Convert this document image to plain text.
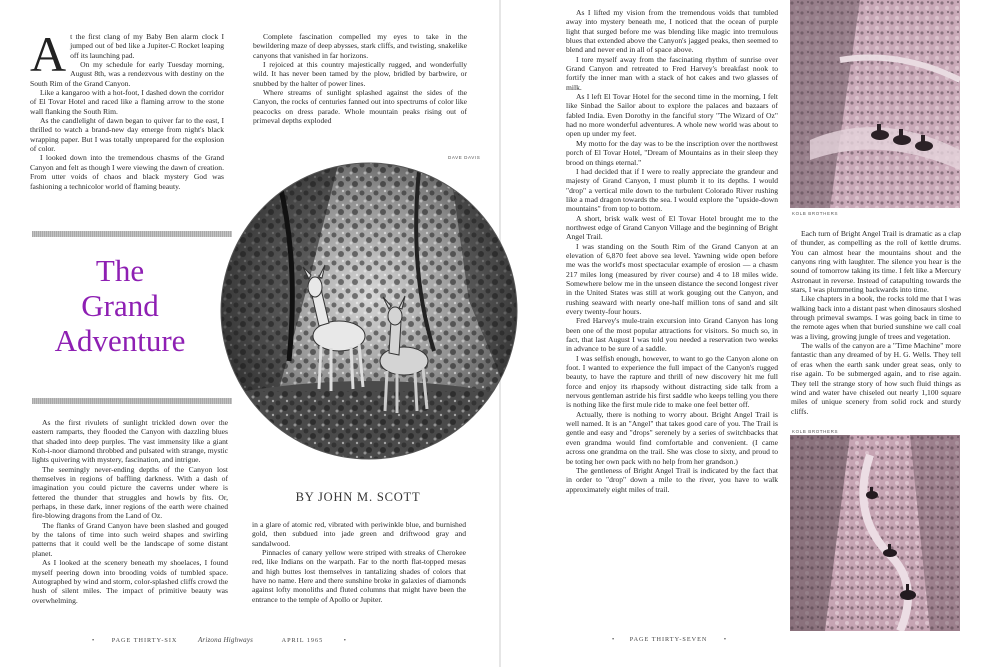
A t the first clang of my Baby Ben alarm clock I jumped out of bed like a Jupiter-C Rocket leaping off its launching pad.

On my schedule for early Tuesday morning, August 8th, was a rendezvous with destiny on the South Rim of the Grand Canyon.

Like a kangaroo with a hot-foot, I dashed down the corridor of El Tovar Hotel and raced like a flaming arrow to the stone wall flanking the South Rim.

As the candlelight of dawn began to quiver far to the east, I thrilled to watch a brand-new day emerge from night's black wrapping paper. But I was totally unprepared for the explosion of color.

I looked down into the tremendous chasms of the Grand Canyon and felt as though I were viewing the dawn of creation. From utter voids of chaos and black mystery God was fashioning a technicolor world of flaming beauty.

The
Grand
Adventure

As the first rivulets of sunlight trickled down over the eastern ramparts, they flooded the Canyon with dazzling blues that shaded into deep purples. The vast immensity like a giant Koh-i-noor diamond throbbed and pulsated with strange, mystic lights quivering with mystery, fascination, and intrigue.

The seemingly never-ending depths of the Canyon lost themselves in regions of baffling darkness. With a dash of imagination you could picture the caverns under where is fettered the thunder that struggles and howls by fits. Or, perhaps, in these dark, inner regions of the earth were chained fire-blowing dragons from the Land of Oz.

The flanks of Grand Canyon have been slashed and gouged by the talons of time into such weird shapes and swirling patterns that it could well be the landscape of some distant planet.

As I looked at the scenery beneath my shoelaces, I found myself peering down into brooding voids of tumbled space. Autographed by wind and storm, color-splashed cliffs crowd the hush of silent miles. The impact of primitive beauty was overwhelming.

Complete fascination compelled my eyes to take in the bewildering maze of deep abysses, stark cliffs, and twisting, snakelike canyons that vanished in far horizons.

I rejoiced at this country majestically rugged, and wonderfully wild. It has never been tamed by the plow, bridled by barbwire, or snubbed by the halter of power lines.

Where streams of sunlight splashed against the sides of the Canyon, the rocks of centuries fanned out into spectrums of color like peacocks on dress parade. Whole mountain peaks rising out of primeval depths exploded

DAVE DAVIS
BY JOHN M. SCOTT

in a glare of atomic red, vibrated with periwinkle blue, and burnished gold, then subdued into jade green and driftwood gray and sandalwood.

Pinnacles of canary yellow were striped with streaks of Cherokee red, like Indians on the warpath. Far to the north flat-topped mesas and high buttes lost themselves in tantalizing shades of colors that have no name. Here and there sunshine broke in galaxies of diamonds against lofty monoliths and fluted columns that might have been the entrance to the temple of Apollo or Jupiter.

•	PAGE THIRTY-SIX	Arizona Highways	APRIL 1965	•

As I lifted my vision from the tremendous voids that tumbled away into mystery beneath me, I noticed that the ocean of purple light that surged before me was blending like magic into tremulous blues that extended above the Canyon's jagged peaks, then seemed to blend and never end in all of space above.

I tore myself away from the fascinating rhythm of sunrise over Grand Canyon and retreated to Fred Harvey's breakfast nook to fortify the inner man with a stack of hot cakes and two glasses of milk.

As I left El Tovar Hotel for the second time in the morning, I felt like Sinbad the Sailor about to explore the palaces and bazaars of fabled India. Even Dorothy in the fanciful story "The Wizard of Oz" had no more wonderful adventures. A whole new world was about to open up under my feet.

My motto for the day was to be the inscription over the northwest porch of El Tovar Hotel, "Dream of Mountains as in their sleep they brood on things eternal."

I had decided that if I were to really appreciate the grandeur and majesty of Grand Canyon, I must plumb it to its depths. I would "drop" a vertical mile down to the turbulent Colorado River rushing like a mad dragon towards the sea. I would explore the "upside-down mountains" from top to bottom.

A short, brisk walk west of El Tovar Hotel brought me to the northwest edge of Grand Canyon Village and the beginning of Bright Angel Trail.

I was standing on the South Rim of the Grand Canyon at an elevation of 6,870 feet above sea level. Yawning wide open before me was the world's most spectacular example of erosion — a chasm 217 miles long (measured by river course) and 4 to 18 miles wide. Somewhere below me in the unseen distance the second longest river in the United States was still at work gouging out the Canyon, and rushing seaward with nearly one-half million tons of sand and silt every twenty-four hours.

Fred Harvey's mule-train excursion into Grand Canyon has long been one of the most popular attractions for visitors. So much so, in fact, that last August I was told you needed a reservation two weeks in advance to be sure of a saddle.

I was selfish enough, however, to want to go the Canyon alone on foot. I wanted to experience the full impact of the Canyon's rugged beauty, to have the rapture and thrill of new discovery hit me full force and enjoy its rhapsody without distracting side talk from a nervous gentleman astride his first saddle who keeps telling you there is nothing like the first mule ride to make one feel better off.

Actually, there is nothing to worry about. Bright Angel Trail is well named. It is an "Angel" that takes good care of you. The Trail is gentle and easy and "drops" serenely by a series of switchbacks that even grandma would find comfortable and convenient. (I came across one grandma on the trail. She was close to sixty, and proud to be toting her own pack with no help from her grandson.)

The gentleness of Bright Angel Trail is indicated by the fact that in order to "drop" down a mile to the river, you have to walk approximately eight miles of trail.

KOLB BROTHERS

Each turn of Bright Angel Trail is dramatic as a clap of thunder, as compelling as the roll of kettle drums. You can almost hear the mountains shout and the canyons ring with laughter. The silence you hear is the sound of tomorrow taking its time. I felt like a Mercury Astronaut in reverse. Instead of catapulting towards the stars, I was plummeting backwards into time.

Like chapters in a book, the rocks told me that I was walking back into a distant past when dinosaurs sloshed through primeval swamps. I was going back in time to the remote ages when that buried sunshine we call coal was a living, growing jungle of trees and vegetation.

The walls of the canyon are a "Time Machine" more fantastic than any dreamed of by H. G. Wells. They tell of eras when the earth sank under great seas, only to rise again. To be submerged again, and to rise again. They tell the strange story of how such fluid things as wind and water have chiseled out nearly 1,100 square miles of unique scenery from solid rock and sturdy cliffs.

KOLB BROTHERS
• PAGE THIRTY-SEVEN	•
